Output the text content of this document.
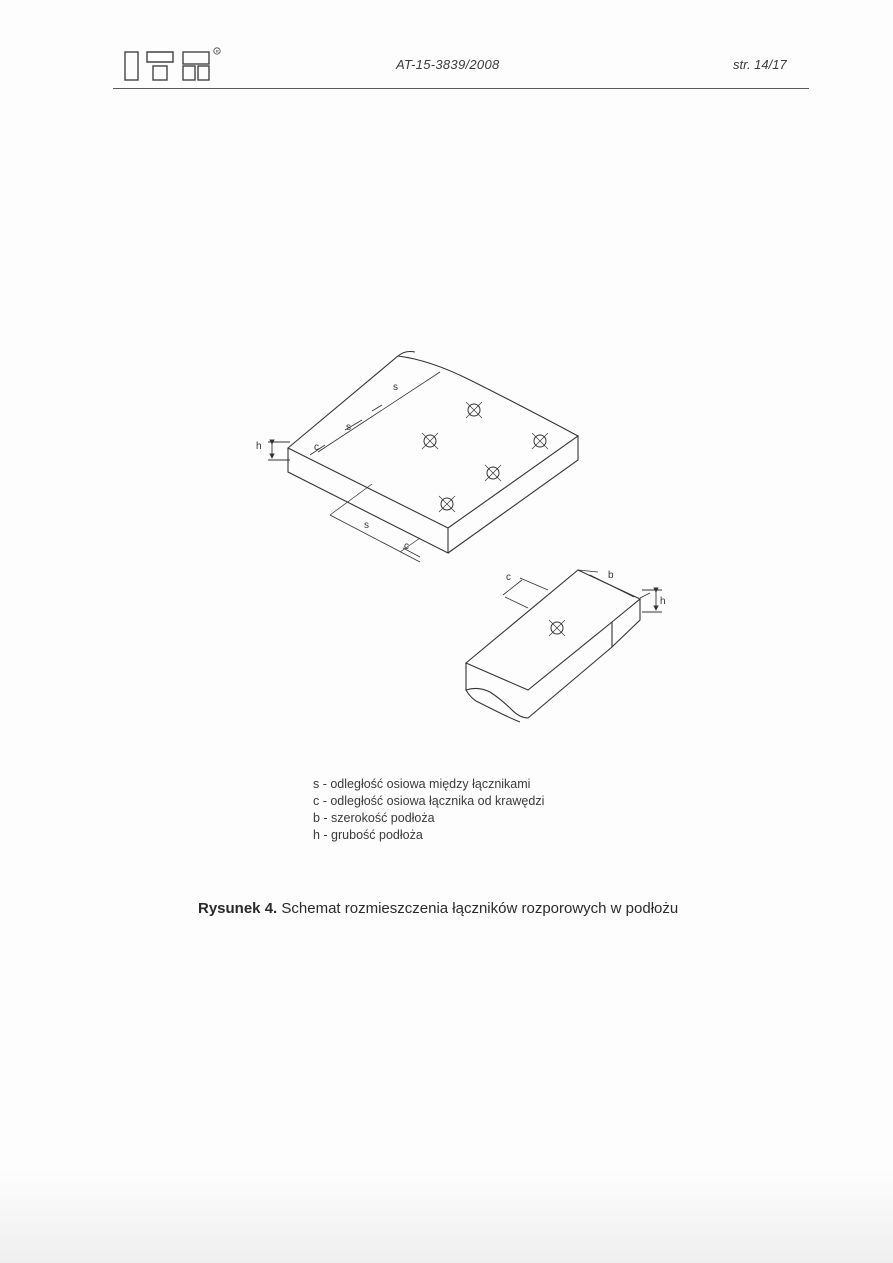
R
AT-15-3839/2008	str. 14/17
s
s
c
h
s
c
c	b
h
s - odległość osiowa między łącznikami
c - odległość osiowa łącznika od krawędzi
b - szerokość podłoża
h - grubość podłoża
Rysunek 4. Schemat rozmieszczenia łączników rozporowych w podłożu
